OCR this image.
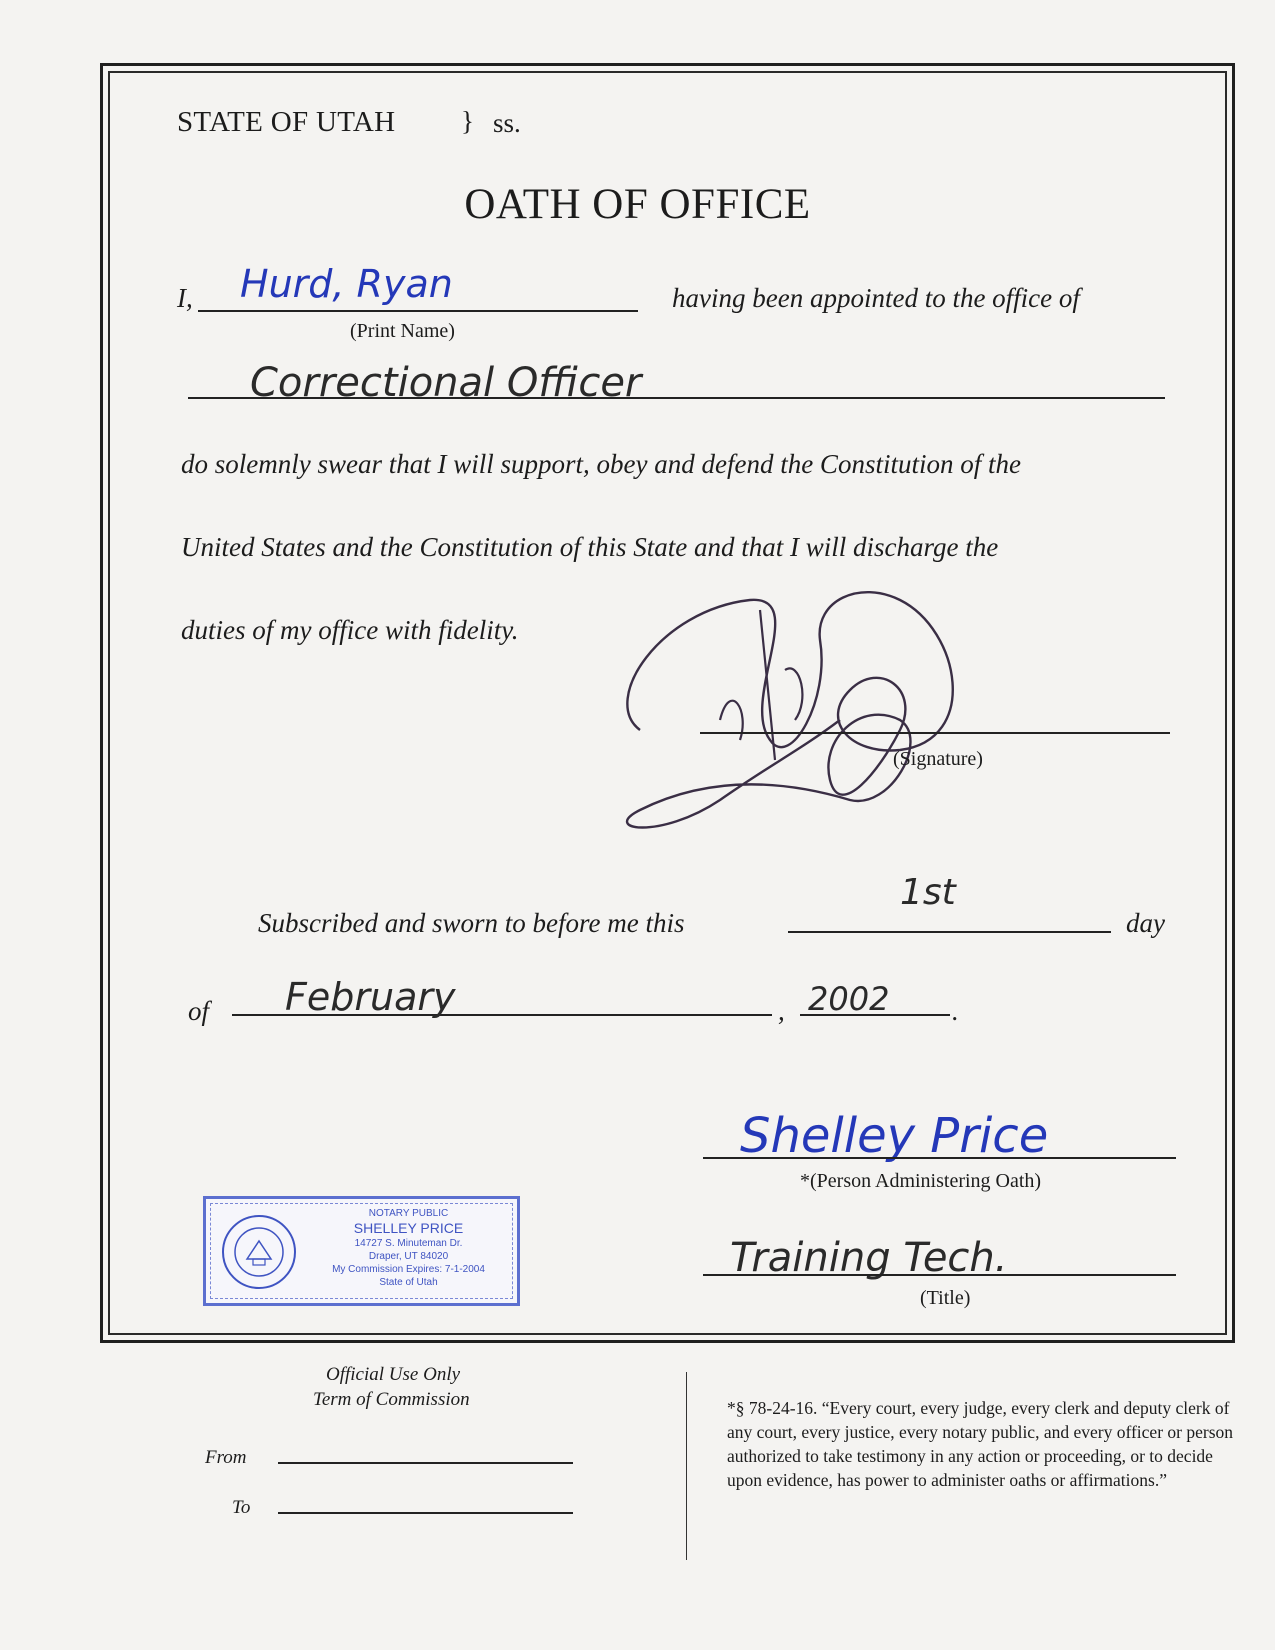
STATE OF UTAH } ss.
OATH OF OFFICE
I, Hurd, Ryan
(Print Name)
having been appointed to the office of
Correctional Officer
do solemnly swear that I will support, obey and defend the Constitution of the
United States and the Constitution of this State and that I will discharge the
duties of my office with fidelity.
(Signature)
Subscribed and sworn to before me this
1st
day
of February	, 2002 .
Shelley Price
*(Person Administering Oath)
Training Tech.
(Title)
NOTARY PUBLIC
SHELLEY PRICE
14727 S. Minuteman Dr.
Draper, UT 84020
My Commission Expires: 7-1-2004
State of Utah
Official Use Only
Term of Commission
From
To
*§ 78-24-16. “Every court, every judge, every clerk and deputy clerk of any court, every justice, every notary public, and every officer or person authorized to take testimony in any action or proceeding, or to decide upon evidence, has power to administer oaths or affirmations.”
